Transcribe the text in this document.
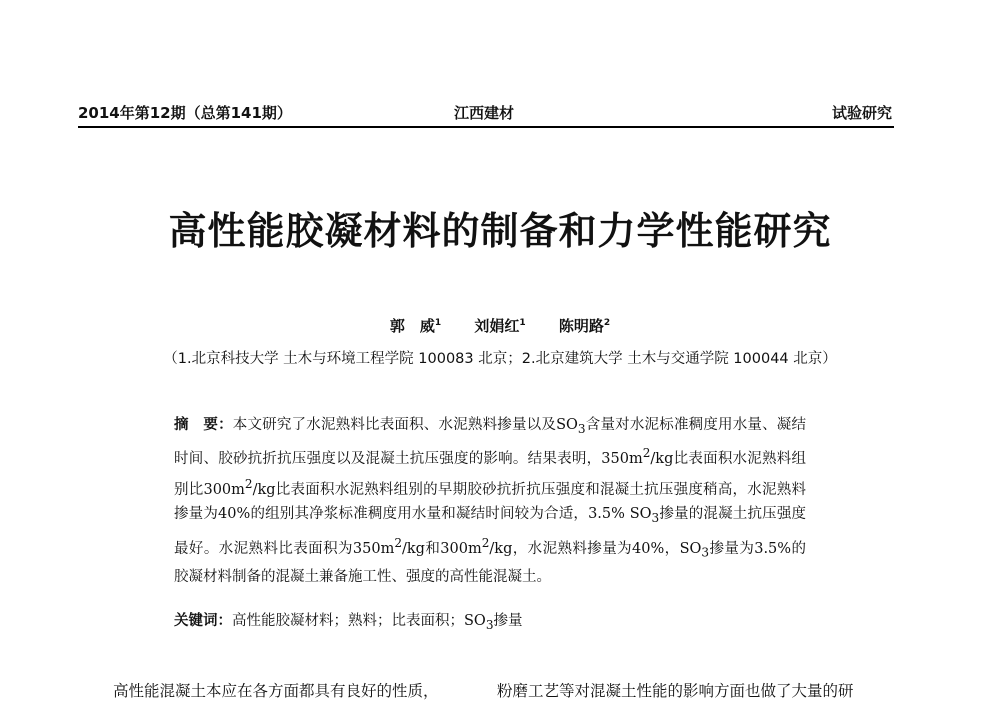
2014年第12期（总第141期）	江西建材	试验研究
高性能胶凝材料的制备和力学性能研究
郭　威$^1$ 刘娟红$^1$ 陈明路$^2$
（1.北京科技大学 土木与环境工程学院 100083 北京；2.北京建筑大学 土木与交通学院 100044 北京）
摘　要：本文研究了水泥熟料比表面积、水泥熟料掺量以及$SO_3$含量对水泥标准稠度用水量、凝结时间、胶砂抗折抗压强度以及混凝土抗压强度的影响。结果表明，$350m^2/kg$比表面积水泥熟料组别比$300m^2/kg$比表面积水泥熟料组别的早期胶砂抗折抗压强度和混凝土抗压强度稍高，水泥熟料掺量为40%的组别其净浆标准稠度用水量和凝结时间较为合适，3.5% $SO_3$掺量的混凝土抗压强度最好。水泥熟料比表面积为$350m^2/kg$和$300m^2/kg$，水泥熟料掺量为40%，$SO_3$掺量为3.5%的胶凝材料制备的混凝土兼备施工性、强度的高性能混凝土。
关键词：高性能胶凝材料；熟料；比表面积；$SO_3$掺量
高性能混凝土本应在各方面都具有良好的性质，	粉磨工艺等对混凝土性能的影响方面也做了大量的研
